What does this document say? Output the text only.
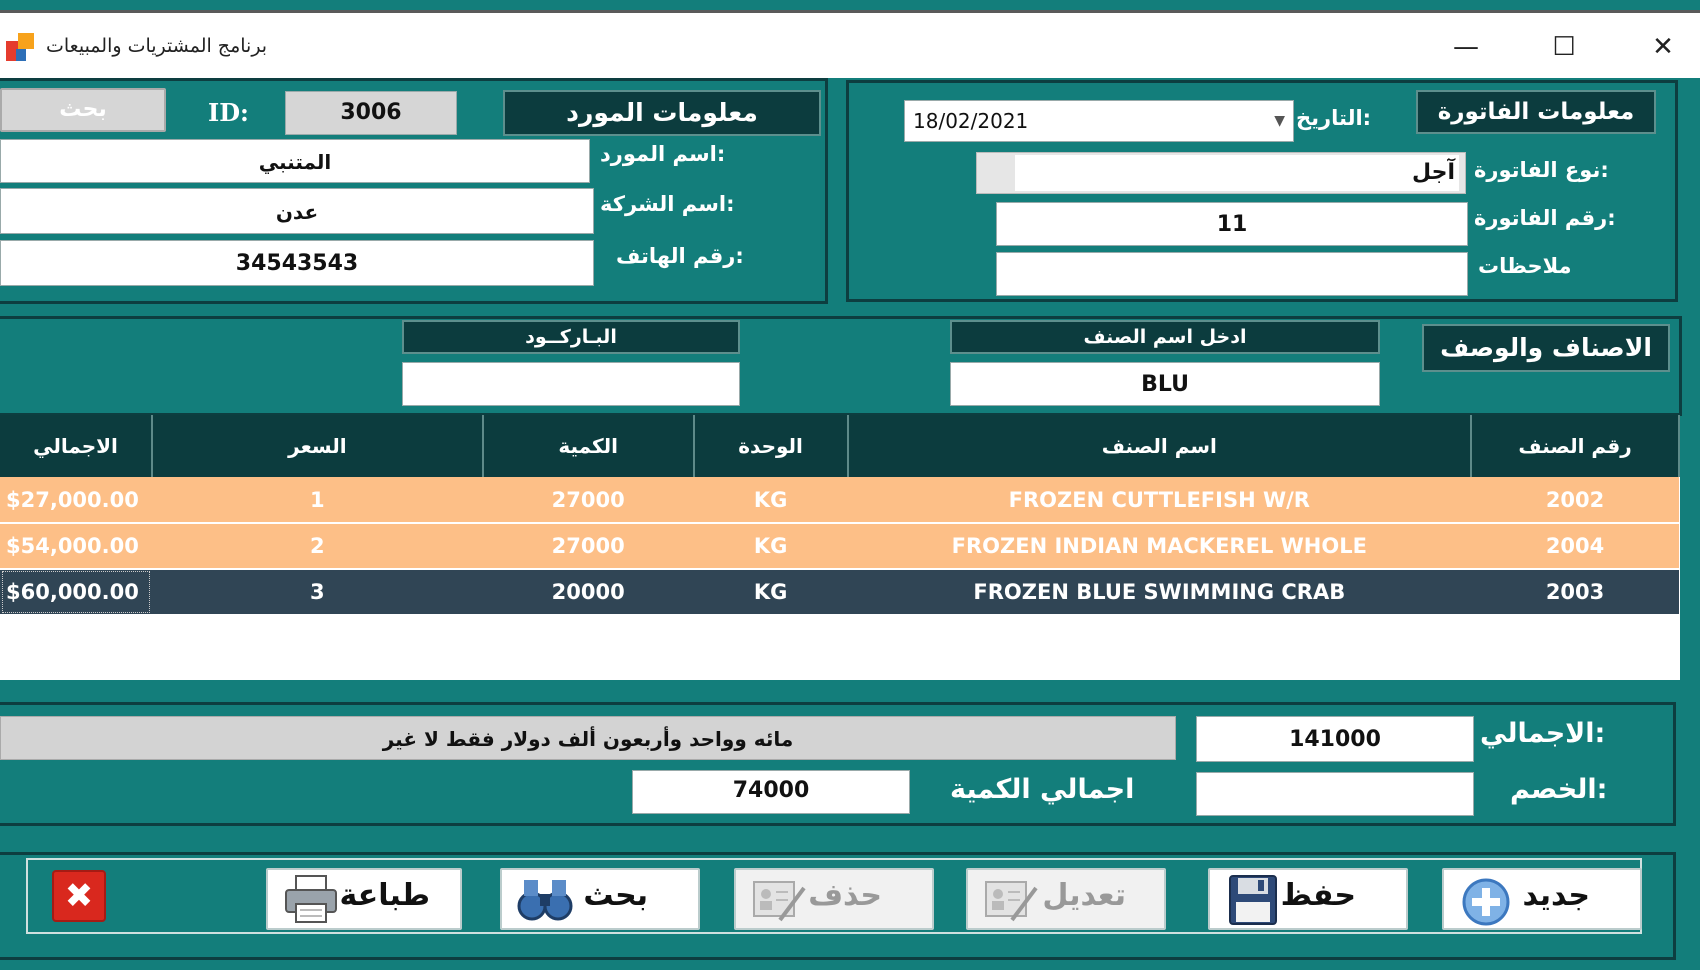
برنامج المشتريات والمبيعات	—	☐	✕
بحث	ID:	3006	معلومات المورد
المتنبي	:اسم المورد
عدن	:اسم الشركة
34543543	:رقم الهاتف
18/02/2021	▼ :التاريخ	معلومات الفاتورة
آجل :نوع الفاتورة
11	:رقم الفاتورة
ملاحظات
البـاركــود	ادخل اسم الصنف
BLU
الاصناف والوصف
الاجمالي	السعر	الكمية	الوحدة	اسم الصنف	رقم الصنف
$27,000.00	1	27000	KG	FROZEN CUTTLEFISH W/R	2002
$54,000.00	2	27000	KG	FROZEN INDIAN MACKEREL WHOLE	2004
$60,000.00	3	20000	KG	FROZEN BLUE SWIMMING CRAB	2003
مائه وواحد وأربعون ألف دولار فقط لا غير	141000	:الاجمالي
74000	اجمالي الكمية	:الخصم
✖	طباعة	بحث	حذف	تعديل	حفظ	جديد
